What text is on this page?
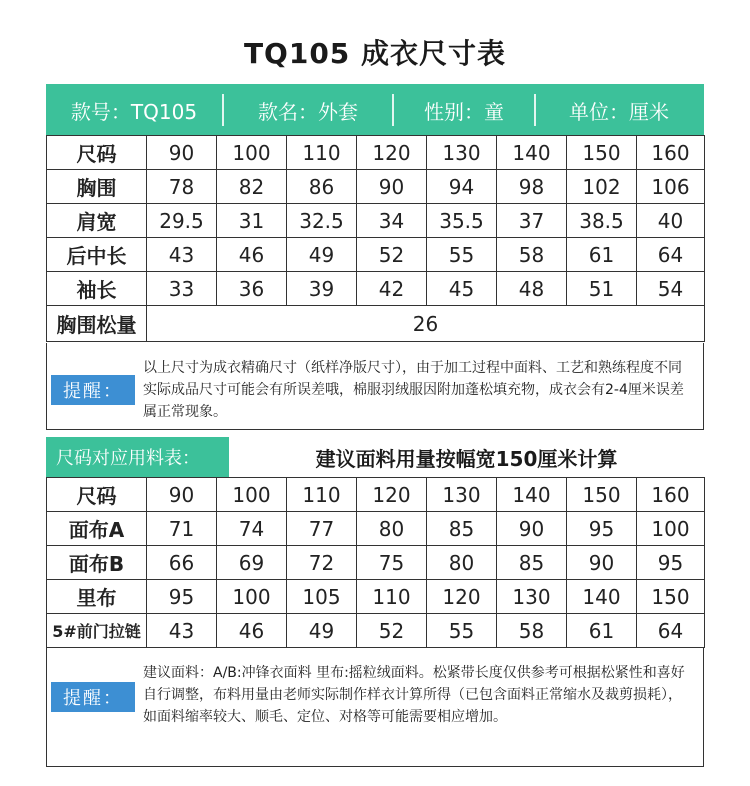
TQ105 成衣尺寸表
款号：TQ105	款名：外套	性别：童	单位：厘米
尺码	90	100	110	120	130	140	150	160
胸围	78	82	86	90	94	98	102	106
肩宽	29.5	31	32.5	34	35.5	37	38.5	40
后中长	43	46	49	52	55	58	61	64
袖长	33	36	39	42	45	48	51	54
胸围松量	26							
提醒：
以上尺寸为成衣精确尺寸（纸样净版尺寸），由于加工过程中面料、工艺和熟练程度不同实际成品尺寸可能会有所误差哦，棉服羽绒服因附加蓬松填充物，成衣会有2-4厘米误差属正常现象。
尺码对应用料表：	建议面料用量按幅宽150厘米计算
尺码	90	100	110	120	130	140	150	160
面布A	71	74	77	80	85	90	95	100
面布B	66	69	72	75	80	85	90	95
里布	95	100	105	110	120	130	140	150
5#前门拉链	43	46	49	52	55	58	61	64
提醒：
建议面料：A/B:冲锋衣面料 里布:摇粒绒面料。松紧带长度仅供参考可根据松紧性和喜好自行调整，布料用量由老师实际制作样衣计算所得（已包含面料正常缩水及裁剪损耗），如面料缩率较大、顺毛、定位、对格等可能需要相应增加。
